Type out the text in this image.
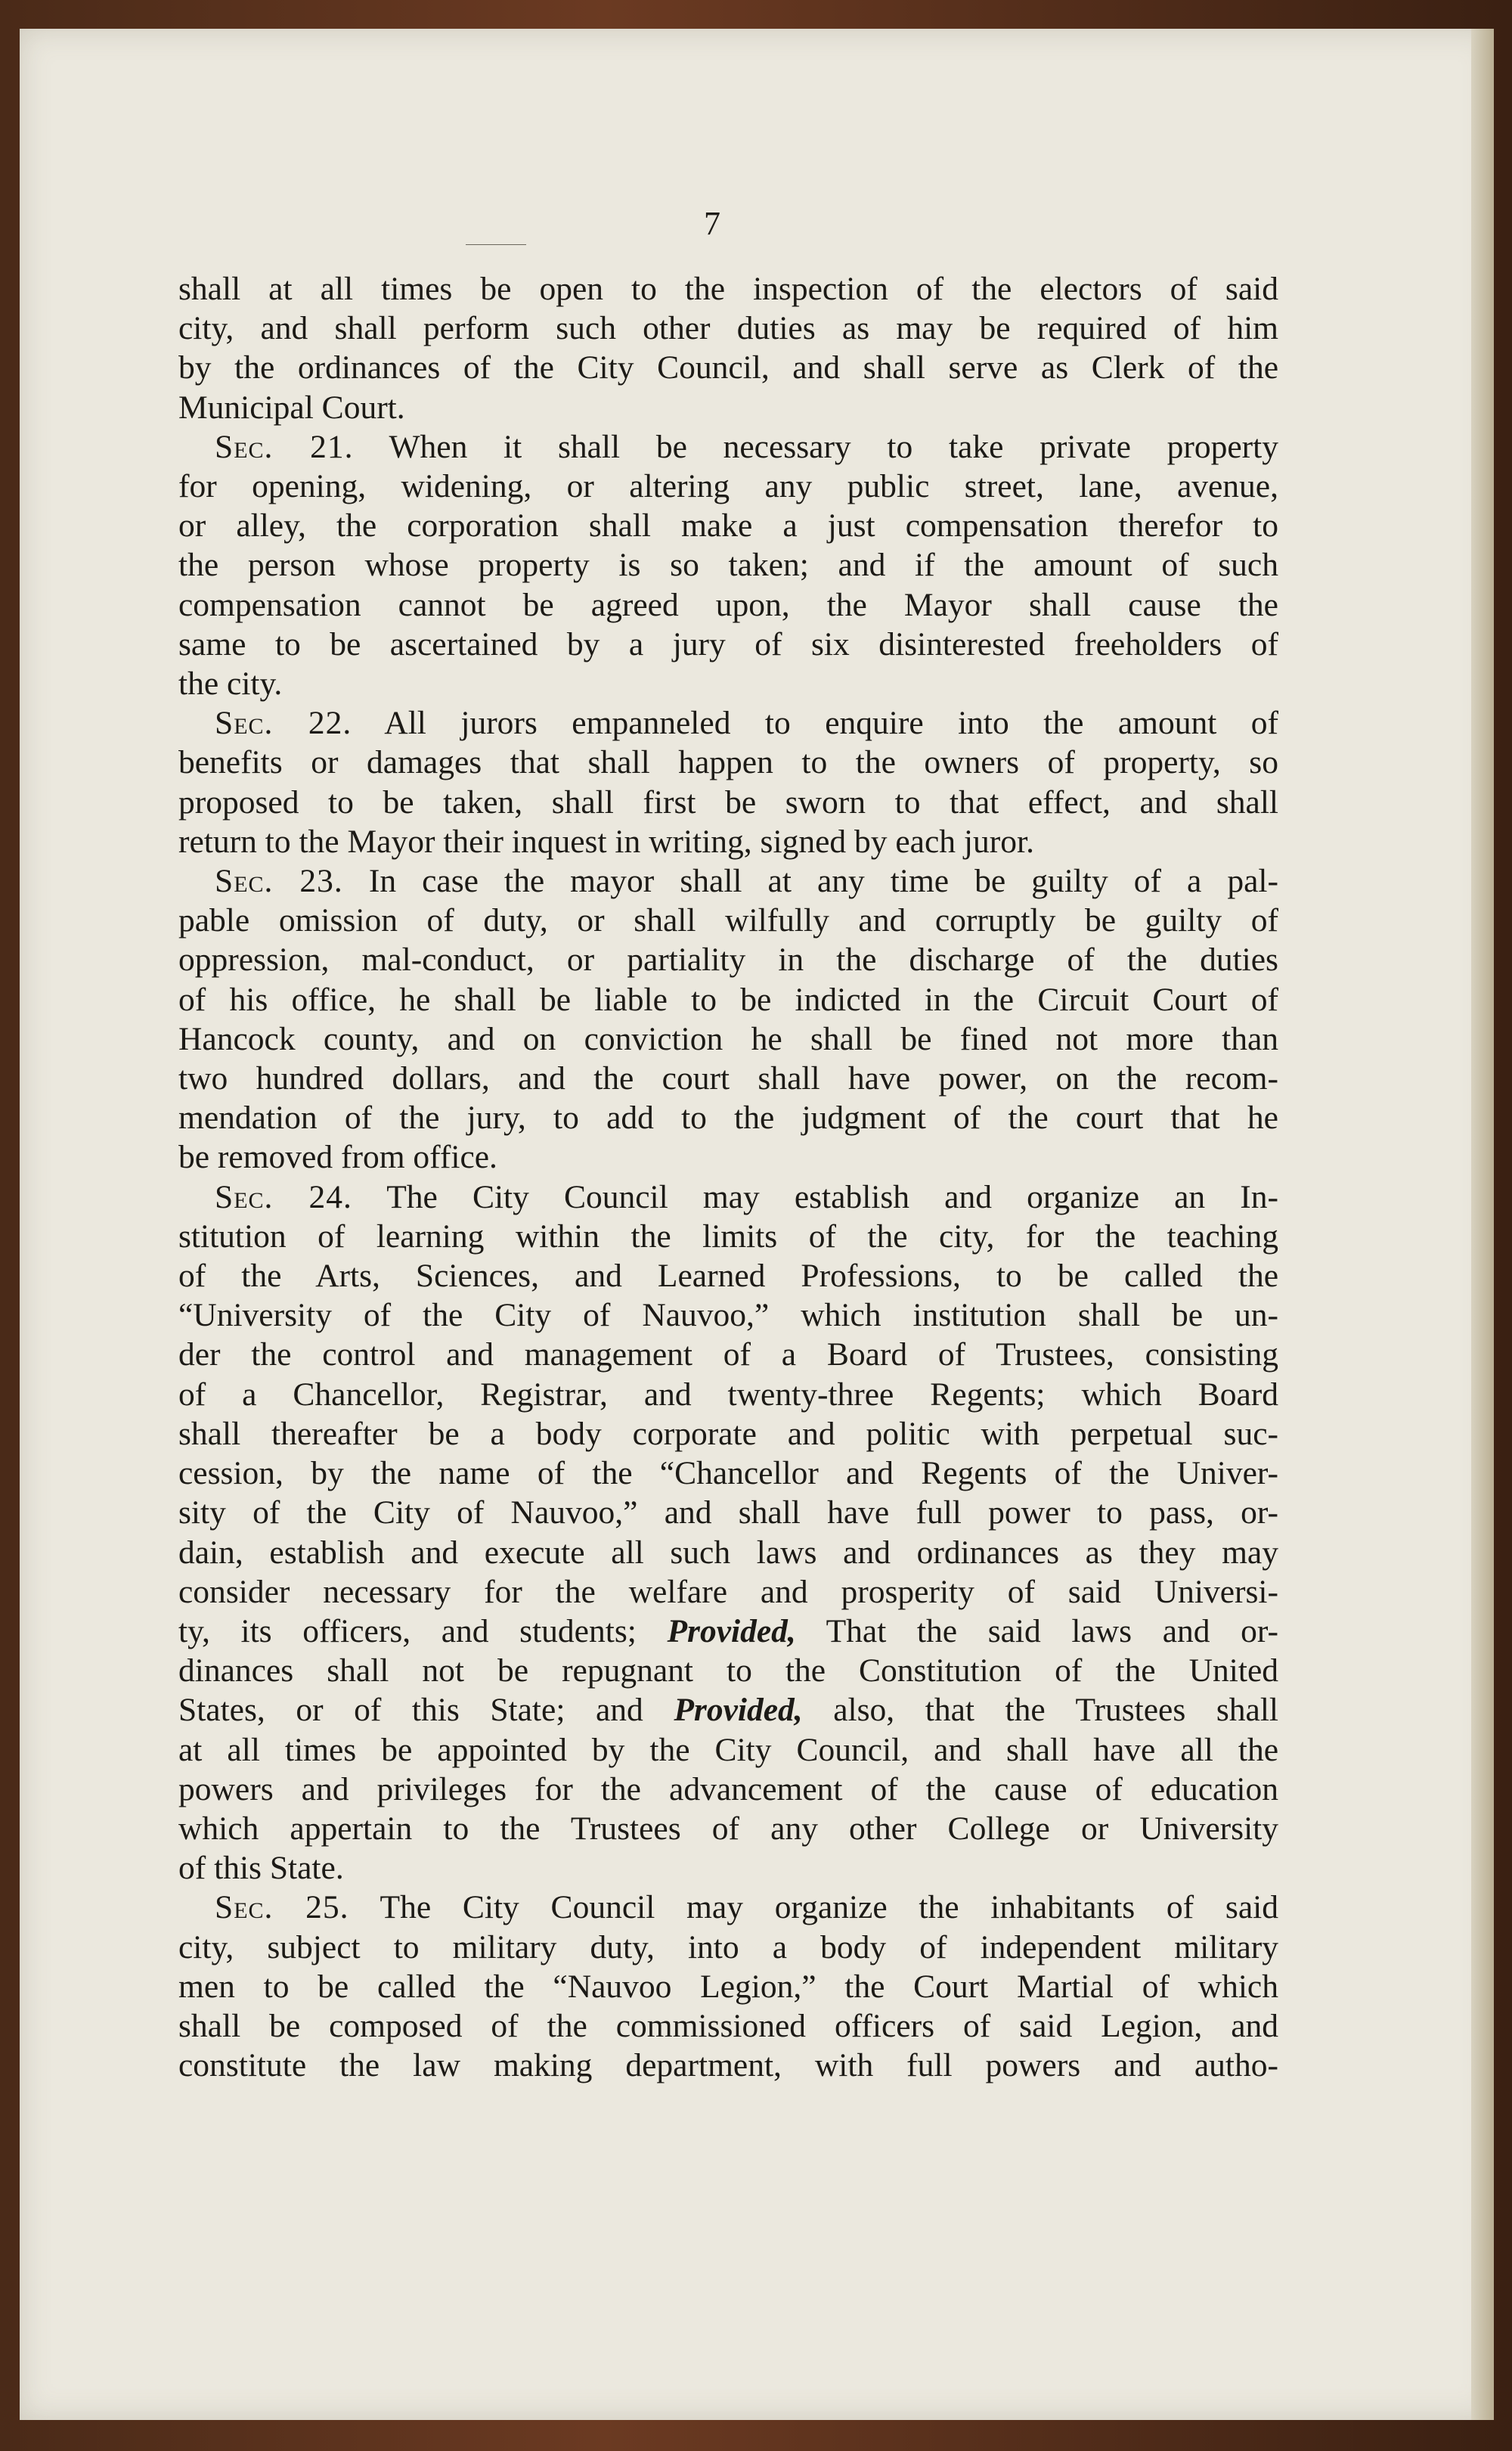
7
shall at all times be open to the inspection of the electors of said
city, and shall perform such other duties as may be required of him
by the ordinances of the City Council, and shall serve as Clerk of the
Municipal Court.
Sec. 21. When it shall be necessary to take private property
for opening, widening, or altering any public street, lane, avenue,
or alley, the corporation shall make a just compensation therefor to
the person whose property is so taken; and if the amount of such
compensation cannot be agreed upon, the Mayor shall cause the
same to be ascertained by a jury of six disinterested freeholders of
the city.
Sec. 22. All jurors empanneled to enquire into the amount of
benefits or damages that shall happen to the owners of property, so
proposed to be taken, shall first be sworn to that effect, and shall
return to the Mayor their inquest in writing, signed by each juror.
Sec. 23. In case the mayor shall at any time be guilty of a pal-
pable omission of duty, or shall wilfully and corruptly be guilty of
oppression, mal-conduct, or partiality in the discharge of the duties
of his office, he shall be liable to be indicted in the Circuit Court of
Hancock county, and on conviction he shall be fined not more than
two hundred dollars, and the court shall have power, on the recom-
mendation of the jury, to add to the judgment of the court that he
be removed from office.
Sec. 24. The City Council may establish and organize an In-
stitution of learning within the limits of the city, for the teaching
of the Arts, Sciences, and Learned Professions, to be called the
“University of the City of Nauvoo,” which institution shall be un-
der the control and management of a Board of Trustees, consisting
of a Chancellor, Registrar, and twenty-three Regents; which Board
shall thereafter be a body corporate and politic with perpetual suc-
cession, by the name of the “Chancellor and Regents of the Univer-
sity of the City of Nauvoo,” and shall have full power to pass, or-
dain, establish and execute all such laws and ordinances as they may
consider necessary for the welfare and prosperity of said Universi-
ty, its officers, and students; Provided, That the said laws and or-
dinances shall not be repugnant to the Constitution of the United
States, or of this State; and Provided, also, that the Trustees shall
at all times be appointed by the City Council, and shall have all the
powers and privileges for the advancement of the cause of education
which appertain to the Trustees of any other College or University
of this State.
Sec. 25. The City Council may organize the inhabitants of said
city, subject to military duty, into a body of independent military
men to be called the “Nauvoo Legion,” the Court Martial of which
shall be composed of the commissioned officers of said Legion, and
constitute the law making department, with full powers and autho-
